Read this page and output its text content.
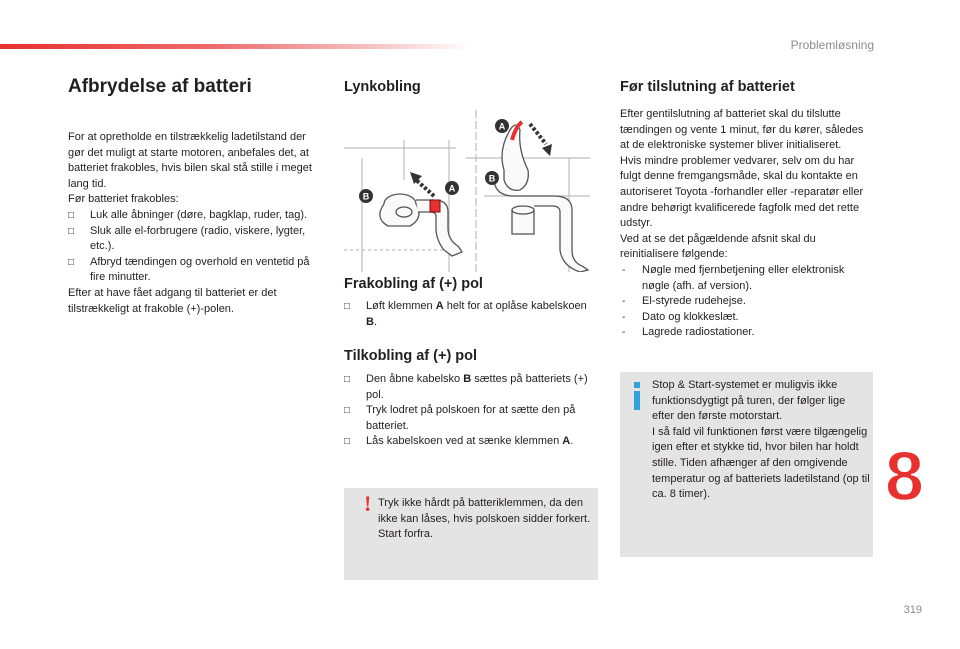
Problemløsning
Afbrydelse af batteri

For at opretholde en tilstrækkelig ladetilstand der gør det muligt at starte motoren, anbefales det, at batteriet frakobles, hvis bilen skal stå stille i meget lang tid.

Før batteriet frakobles:

□ Luk alle åbninger (døre, bagklap, ruder, tag).
□ Sluk alle el-forbrugere (radio, viskere, lygter, etc.).
□ Afbryd tændingen og overhold en ventetid på fire minutter.

Efter at have fået adgang til batteriet er det tilstrækkeligt at frakoble (+)-polen.

Lynkobling
A
B
A
B
Frakobling af (+) pol
□ Løft klemmen A helt for at oplåse kabelskoen B.
Tilkobling af (+) pol
□ Den åbne kabelsko B sættes på batteriets (+) pol.
□ Tryk lodret på polskoen for at sætte den på batteriet.
□ Lås kabelskoen ved at sænke klemmen A.
! Tryk ikke hårdt på batteriklemmen, da den ikke kan låses, hvis polskoen sidder forkert. Start forfra.
Før tilslutning af batteriet

Efter gentilslutning af batteriet skal du tilslutte tændingen og vente 1 minut, før du kører, således at de elektroniske systemer bliver initialiseret.

Hvis mindre problemer vedvarer, selv om du har fulgt denne fremgangsmåde, skal du kontakte en autoriseret Toyota -forhandler eller -reparatør eller andre behørigt kvalificerede fagfolk med det rette udstyr.

Ved at se det pågældende afsnit skal du reinitialisere følgende:

- Nøgle med fjernbetjening eller elektronisk nøgle (afh. af version).
- El-styrede rudehejse.
- Dato og klokkeslæt.
- Lagrede radiostationer.
Stop & Start-systemet er muligvis ikke funktionsdygtigt på turen, der følger lige efter den første motorstart.
I så fald vil funktionen først være tilgængelig igen efter et stykke tid, hvor bilen har holdt stille. Tiden afhænger af den omgivende temperatur og af batteriets ladetilstand (op til ca. 8 timer).	8
319
